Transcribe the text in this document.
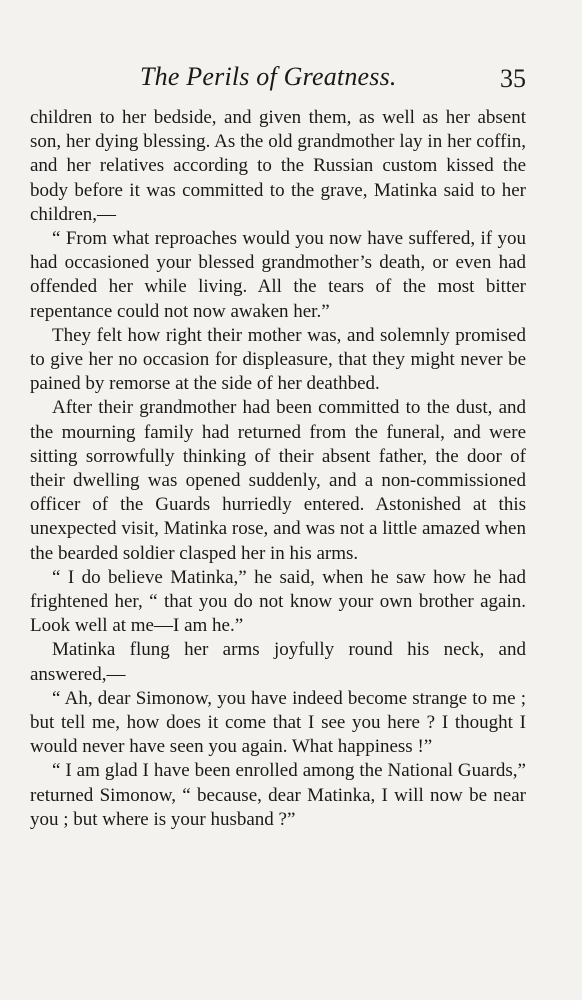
The Perils of Greatness.	35

children to her bedside, and given them, as well as her absent son, her dying blessing. As the old grandmother lay in her coffin, and her relatives according to the Russian custom kissed the body before it was committed to the grave, Matinka said to her children,—

“ From what reproaches would you now have suffered, if you had occasioned your blessed grandmother’s death, or even had offended her while living. All the tears of the most bitter repentance could not now awaken her.”

They felt how right their mother was, and solemnly promised to give her no occasion for displeasure, that they might never be pained by remorse at the side of her deathbed.

After their grandmother had been committed to the dust, and the mourning family had returned from the funeral, and were sitting sorrowfully thinking of their absent father, the door of their dwelling was opened suddenly, and a non-commissioned officer of the Guards hurriedly entered. Astonished at this unexpected visit, Matinka rose, and was not a little amazed when the bearded soldier clasped her in his arms.

“ I do believe Matinka,” he said, when he saw how he had frightened her, “ that you do not know your own brother again. Look well at me—I am he.”

Matinka flung her arms joyfully round his neck, and answered,—

“ Ah, dear Simonow, you have indeed become strange to me ; but tell me, how does it come that I see you here ? I thought I would never have seen you again. What happiness !”

“ I am glad I have been enrolled among the National Guards,” returned Simonow, “ because, dear Matinka, I will now be near you ; but where is your husband ?”
